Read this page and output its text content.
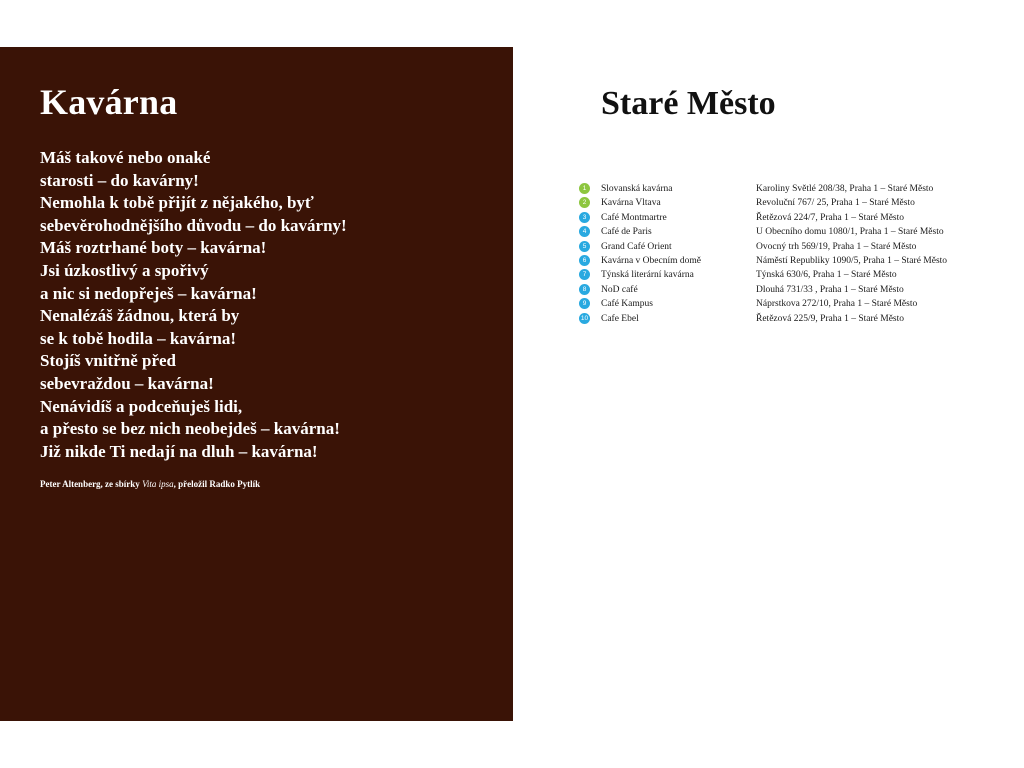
Kavárna
Máš takové nebo onaké
starosti – do kavárny!
Nemohla k tobě přijít z nějakého, byť
sebevěrohodnějšího důvodu – do kavárny!
Máš roztrhané boty – kavárna!
Jsi úzkostlivý a spořivý
a nic si nedopřeješ – kavárna!
Nenalézáš žádnou, která by
se k tobě hodila – kavárna!
Stojíš vnitřně před
sebevraždou – kavárna!
Nenávidíš a podceňuješ lidi,
a přesto se bez nich neobejdeš – kavárna!
Již nikde Ti nedají na dluh – kavárna!
Peter Altenberg, ze sbírky Vita ipsa, přeložil Radko Pytlík
Staré Město
1	Slovanská kavárna	Karoliny Světlé 208/38, Praha 1 – Staré Město
2	Kavárna Vltava	Revoluční 767/ 25, Praha 1 – Staré Město
3	Café Montmartre	Řetězová 224/7, Praha 1 – Staré Město
4	Café de Paris	U Obecního domu 1080/1, Praha 1 – Staré Město
5	Grand Café Orient	Ovocný trh 569/19, Praha 1 – Staré Město
6	Kavárna v Obecním domě	Náměstí Republiky 1090/5, Praha 1 – Staré Město
7	Týnská literární kavárna	Týnská 630/6, Praha 1 – Staré Město
8	NoD café	Dlouhá 731/33 , Praha 1 – Staré Město
9	Café Kampus	Náprstkova 272/10, Praha 1 – Staré Město
10 Cafe Ebel	Řetězová 225/9, Praha 1 – Staré Město
